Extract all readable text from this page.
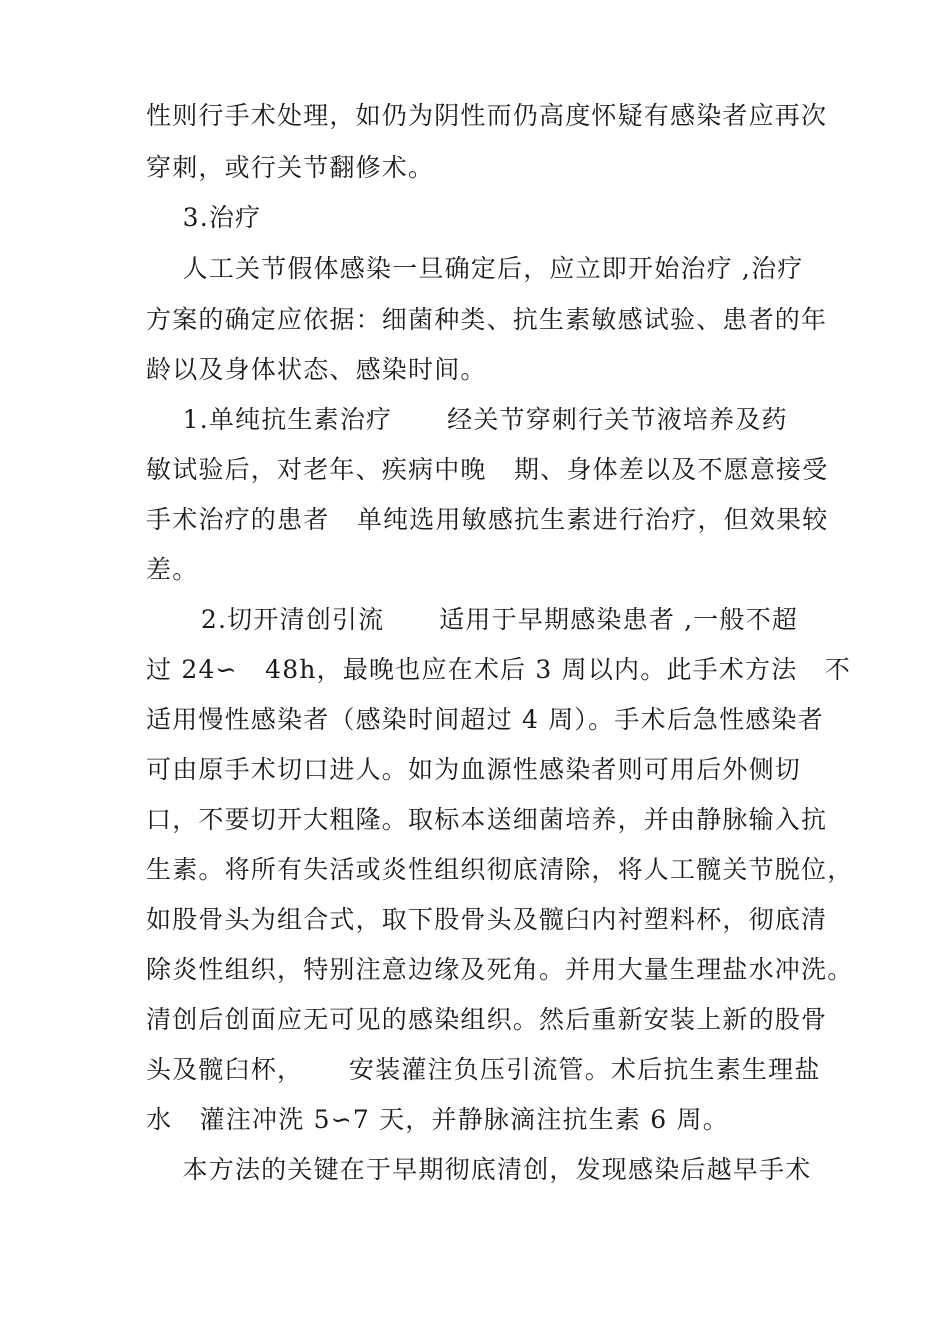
性则行手术处理，如仍为阴性而仍高度怀疑有感染者应再次
穿刺，或行关节翻修术。
3.治疗
人工关节假体感染一旦确定后，应立即开始治疗 ,治疗
方案的确定应依据：细菌种类、抗生素敏感试验、患者的年
龄以及身体状态、感染时间。
1.单纯抗生素治疗      经关节穿刺行关节液培养及药
敏试验后，对老年、疾病中晚   期、身体差以及不愿意接受
手术治疗的患者   单纯选用敏感抗生素进行治疗，但效果较
差。
2.切开清创引流      适用于早期感染患者 ,一般不超
过 24∽   48h，最晚也应在术后 3 周以内。此手术方法   不
适用慢性感染者（感染时间超过 4 周）。手术后急性感染者
可由原手术切口进人。如为血源性感染者则可用后外侧切
口，不要切开大粗隆。取标本送细菌培养，并由静脉输入抗
生素。将所有失活或炎性组织彻底清除，将人工髋关节脱位，
如股骨头为组合式，取下股骨头及髋臼内衬塑料杯，彻底清
除炎性组织，特别注意边缘及死角。并用大量生理盐水冲洗。
清创后创面应无可见的感染组织。然后重新安装上新的股骨
头及髋臼杯，     安装灌注负压引流管。术后抗生素生理盐
水   灌注冲洗 5∽7 天，并静脉滴注抗生素 6 周。
本方法的关键在于早期彻底清创，发现感染后越早手术
